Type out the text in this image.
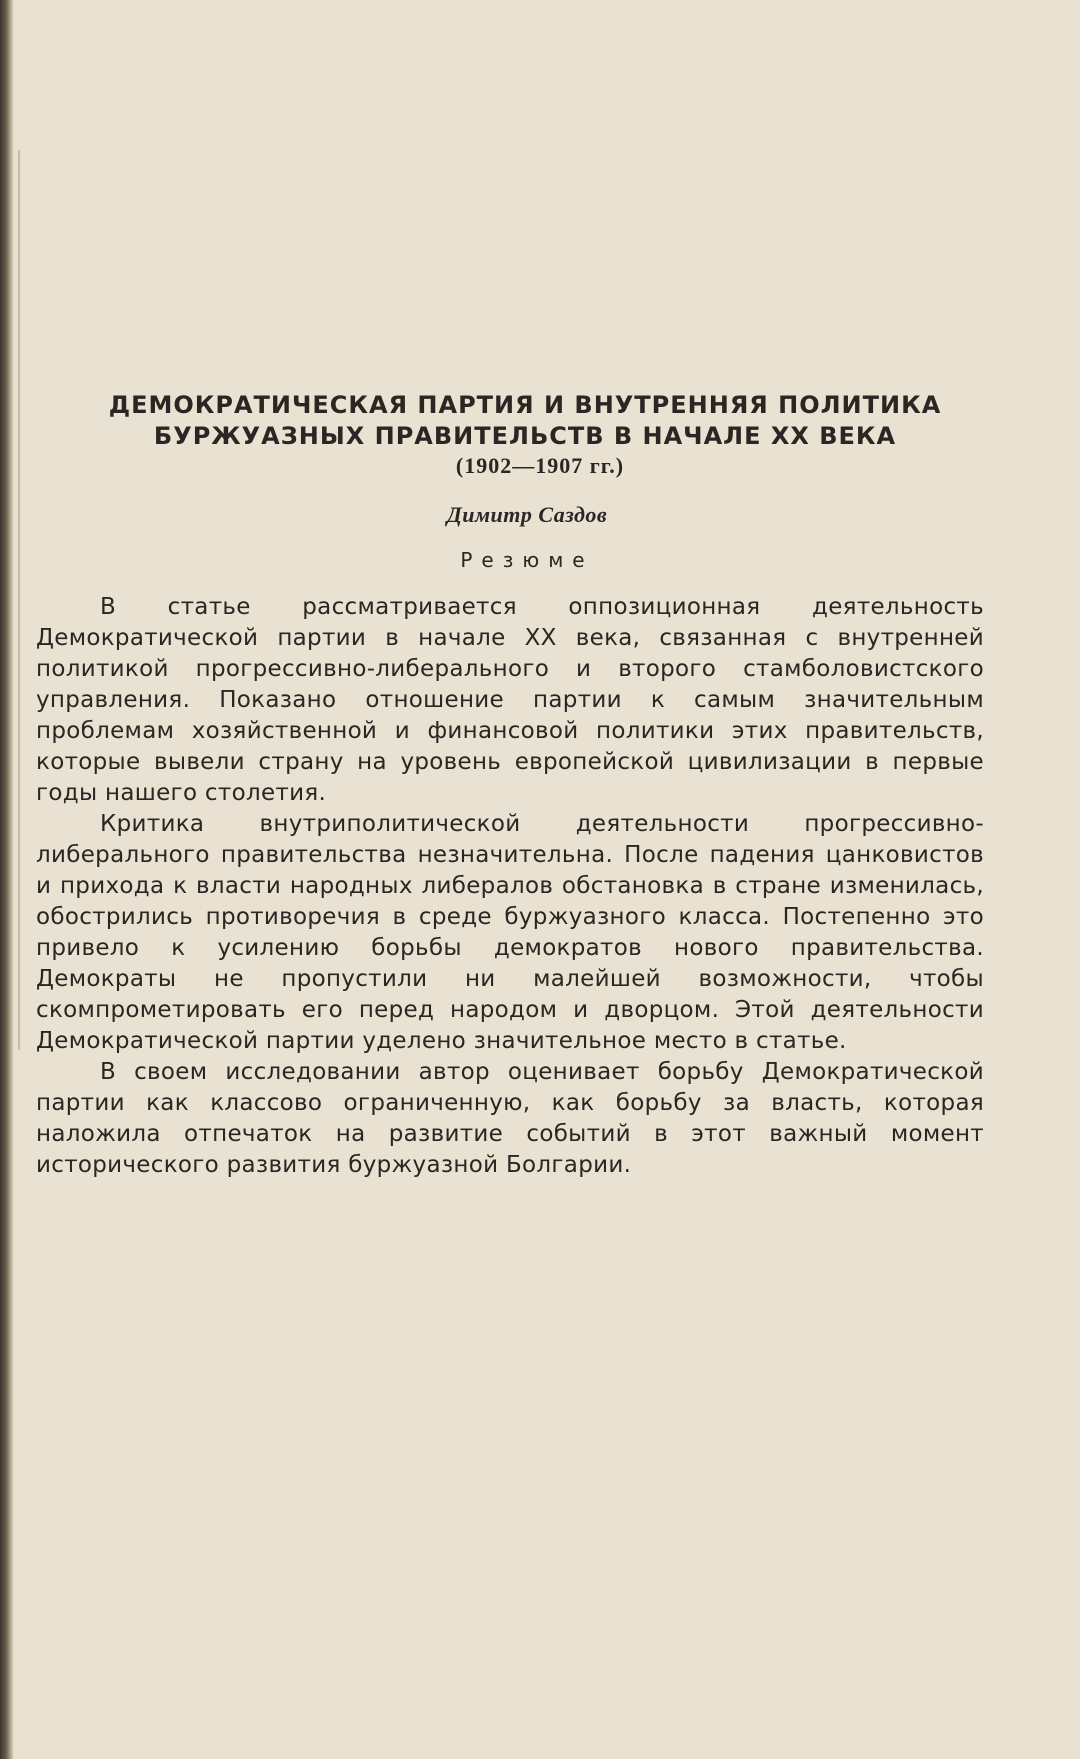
ДЕМОКРАТИЧЕСКАЯ ПАРТИЯ И ВНУТРЕННЯЯ ПОЛИТИКА
БУРЖУАЗНЫХ ПРАВИТЕЛЬСТВ В НАЧАЛЕ XX ВЕКА
(1902—1907 гг.)

Димитр Саздов

Резюме

В статье рассматривается оппозиционная деятельность Демократической партии в начале XX века, связанная с внутренней политикой прогрессивно-либерального и второго стамболовистского управления. Показано отношение партии к самым значительным проблемам хозяйственной и финансовой политики этих правительств, которые вывели страну на уровень европейской цивилизации в первые годы нашего столетия.

Критика внутриполитической деятельности прогрессивно-либерального правительства незначительна. После падения цанковистов и прихода к власти народных либералов обстановка в стране изменилась, обострились противоречия в среде буржуазного класса. Постепенно это привело к усилению борьбы демократов нового правительства. Демократы не пропустили ни малейшей возможности, чтобы скомпрометировать его перед народом и дворцом. Этой деятельности Демократической партии уделено значительное место в статье.

В своем исследовании автор оценивает борьбу Демократической партии как классово ограниченную, как борьбу за власть, которая наложила отпечаток на развитие событий в этот важный момент исторического развития буржуазной Болгарии.
